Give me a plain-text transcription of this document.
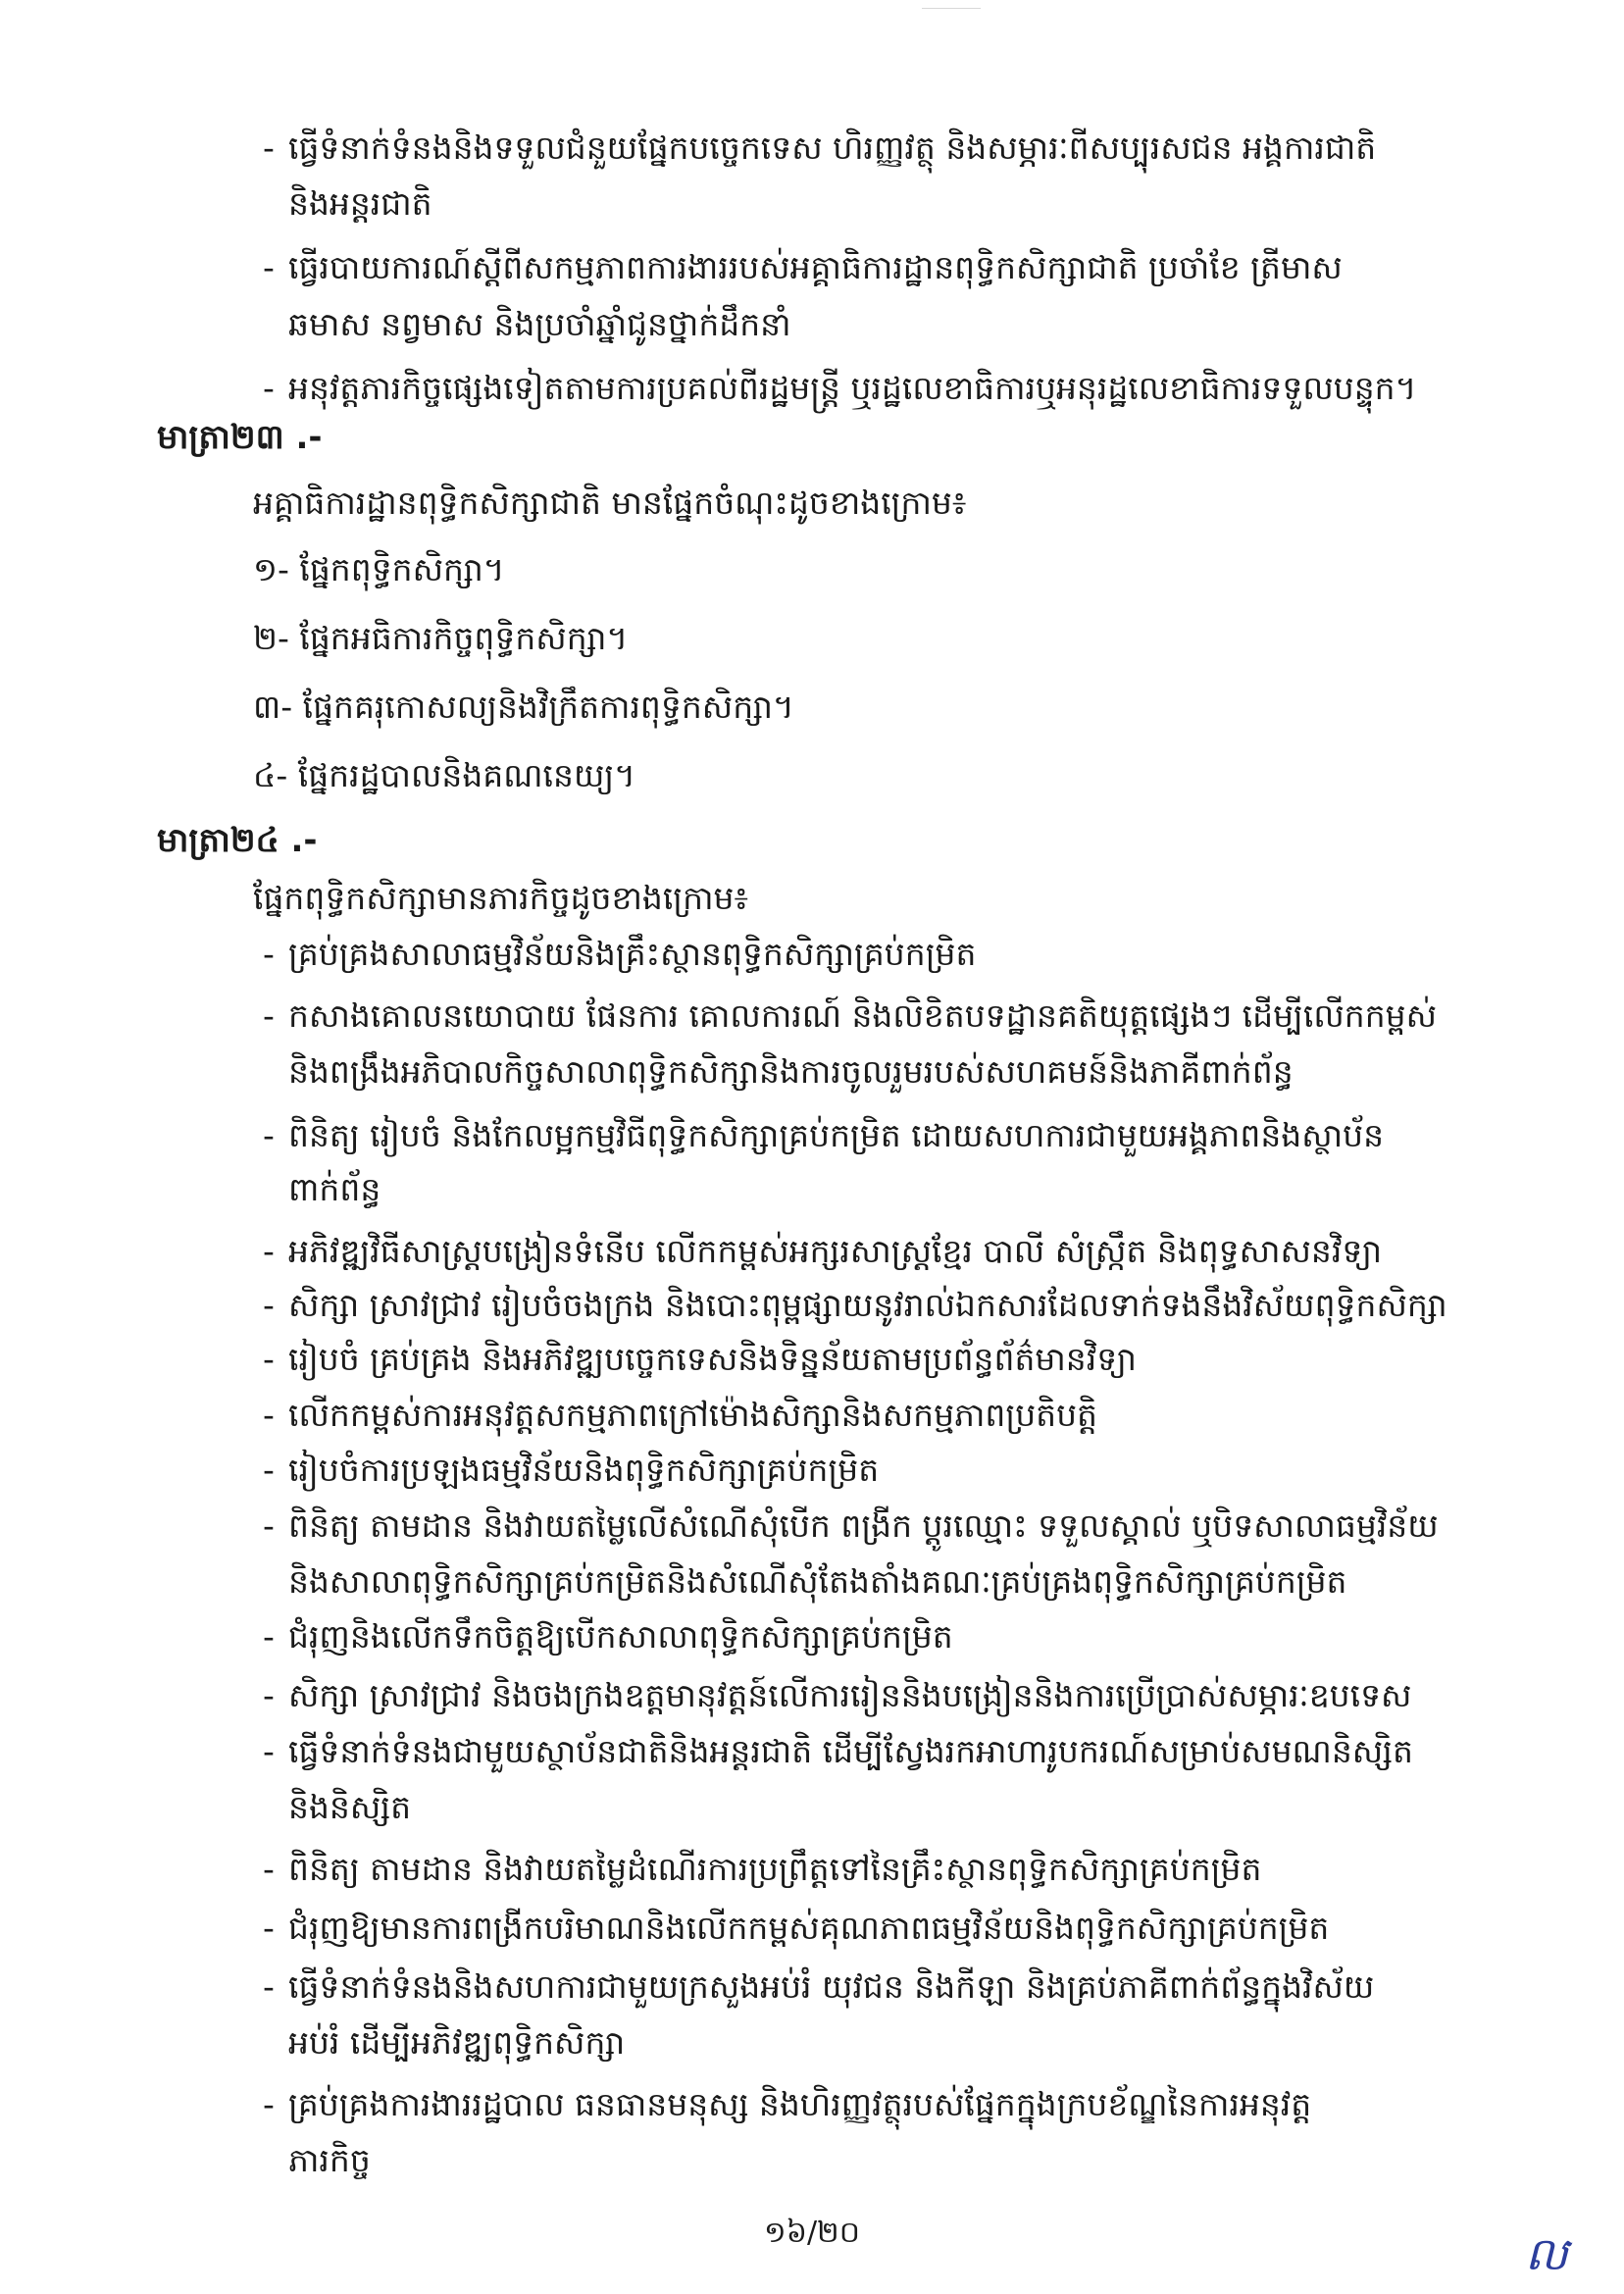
- ធ្វើទំនាក់ទំនងនិងទទួលជំនួយផ្នែកបច្ចេកទេស ហិរញ្ញវត្ថុ និងសម្ភារៈពីសប្បុរសជន អង្គការជាតិ
និងអន្តរជាតិ
- ធ្វើរបាយការណ៍ស្តីពីសកម្មភាពការងាររបស់អគ្គាធិការដ្ឋានពុទ្ធិកសិក្សាជាតិ ប្រចាំខែ ត្រីមាស
ឆមាស នព្វមាស និងប្រចាំឆ្នាំជូនថ្នាក់ដឹកនាំ
- អនុវត្តភារកិច្ចផ្សេងទៀតតាមការប្រគល់ពីរដ្ឋមន្ត្រី ឬរដ្ឋលេខាធិការឬអនុរដ្ឋលេខាធិការទទួលបន្ទុក។
មាត្រា២៣ .-
អគ្គាធិការដ្ឋានពុទ្ធិកសិក្សាជាតិ មានផ្នែកចំណុះដូចខាងក្រោម៖
១- ផ្នែកពុទ្ធិកសិក្សា។
២- ផ្នែកអធិការកិច្ចពុទ្ធិកសិក្សា។
៣- ផ្នែកគរុកោសល្យនិងវិក្រឹតការពុទ្ធិកសិក្សា។
៤- ផ្នែករដ្ឋបាលនិងគណនេយ្យ។
មាត្រា២៤ .-
ផ្នែកពុទ្ធិកសិក្សាមានភារកិច្ចដូចខាងក្រោម៖
- គ្រប់គ្រងសាលាធម្មវិន័យនិងគ្រឹះស្ថានពុទ្ធិកសិក្សាគ្រប់កម្រិត
- កសាងគោលនយោបាយ ផែនការ គោលការណ៍ និងលិខិតបទដ្ឋានគតិយុត្តផ្សេងៗ ដើម្បីលើកកម្ពស់
និងពង្រឹងអភិបាលកិច្ចសាលាពុទ្ធិកសិក្សានិងការចូលរួមរបស់សហគមន៍និងភាគីពាក់ព័ន្ធ
- ពិនិត្យ រៀបចំ និងកែលម្អកម្មវិធីពុទ្ធិកសិក្សាគ្រប់កម្រិត ដោយសហការជាមួយអង្គភាពនិងស្ថាប័ន
ពាក់ព័ន្ធ
- អភិវឌ្ឍវិធីសាស្ត្របង្រៀនទំនើប លើកកម្ពស់អក្សរសាស្ត្រខ្មែរ បាលី សំស្ក្រឹត និងពុទ្ធសាសនវិទ្យា
- សិក្សា ស្រាវជ្រាវ រៀបចំចងក្រង និងបោះពុម្ពផ្សាយនូវរាល់ឯកសារដែលទាក់ទងនឹងវិស័យពុទ្ធិកសិក្សា
- រៀបចំ គ្រប់គ្រង និងអភិវឌ្ឍបច្ចេកទេសនិងទិន្នន័យតាមប្រព័ន្ធព័ត៌មានវិទ្យា
- លើកកម្ពស់ការអនុវត្តសកម្មភាពក្រៅម៉ោងសិក្សានិងសកម្មភាពប្រតិបត្តិ
- រៀបចំការប្រឡងធម្មវិន័យនិងពុទ្ធិកសិក្សាគ្រប់កម្រិត
- ពិនិត្យ តាមដាន និងវាយតម្លៃលើសំណើសុំបើក ពង្រីក ប្តូរឈ្មោះ ទទួលស្គាល់ ឬបិទសាលាធម្មវិន័យ
និងសាលាពុទ្ធិកសិក្សាគ្រប់កម្រិតនិងសំណើសុំតែងតាំងគណៈគ្រប់គ្រងពុទ្ធិកសិក្សាគ្រប់កម្រិត
- ជំរុញនិងលើកទឹកចិត្តឱ្យបើកសាលាពុទ្ធិកសិក្សាគ្រប់កម្រិត
- សិក្សា ស្រាវជ្រាវ និងចងក្រងឧត្តមានុវត្តន៍លើការរៀននិងបង្រៀននិងការប្រើប្រាស់សម្ភារៈឧបទេស
- ធ្វើទំនាក់ទំនងជាមួយស្ថាប័នជាតិនិងអន្តរជាតិ ដើម្បីស្វែងរកអាហារូបករណ៍សម្រាប់សមណនិស្សិត
និងនិស្សិត
- ពិនិត្យ តាមដាន និងវាយតម្លៃដំណើរការប្រព្រឹត្តទៅនៃគ្រឹះស្ថានពុទ្ធិកសិក្សាគ្រប់កម្រិត
- ជំរុញឱ្យមានការពង្រីកបរិមាណនិងលើកកម្ពស់គុណភាពធម្មវិន័យនិងពុទ្ធិកសិក្សាគ្រប់កម្រិត
- ធ្វើទំនាក់ទំនងនិងសហការជាមួយក្រសួងអប់រំ យុវជន និងកីឡា និងគ្រប់ភាគីពាក់ព័ន្ធក្នុងវិស័យ
អប់រំ ដើម្បីអភិវឌ្ឍពុទ្ធិកសិក្សា
- គ្រប់គ្រងការងាររដ្ឋបាល ធនធានមនុស្ស និងហិរញ្ញវត្ថុរបស់ផ្នែកក្នុងក្របខ័ណ្ឌនៃការអនុវត្ត
ភារកិច្ច
១៦/២០	ល
